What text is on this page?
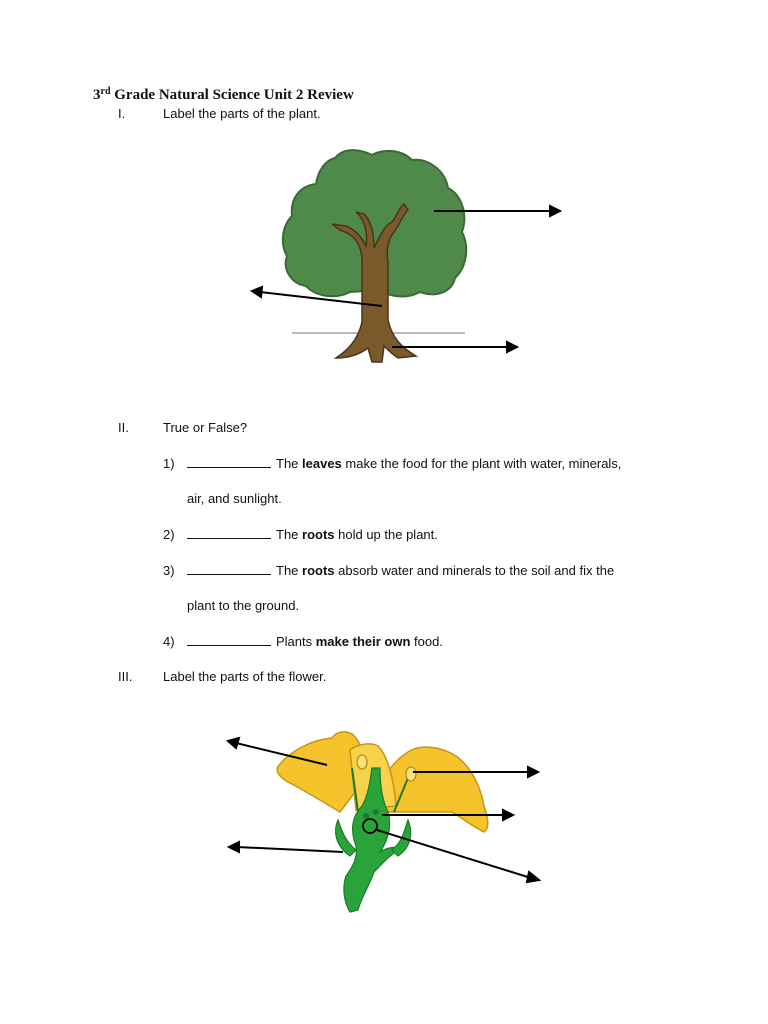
3rd Grade Natural Science Unit 2 Review
I.	Label the parts of the plant.
II.	True or False?
1)	The leaves make the food for the plant with water, minerals,
air, and sunlight.
2)	The roots hold up the plant.
3)	The roots absorb water and minerals to the soil and fix the
plant to the ground.
4)	Plants make their own food.
III. Label the parts of the flower.
